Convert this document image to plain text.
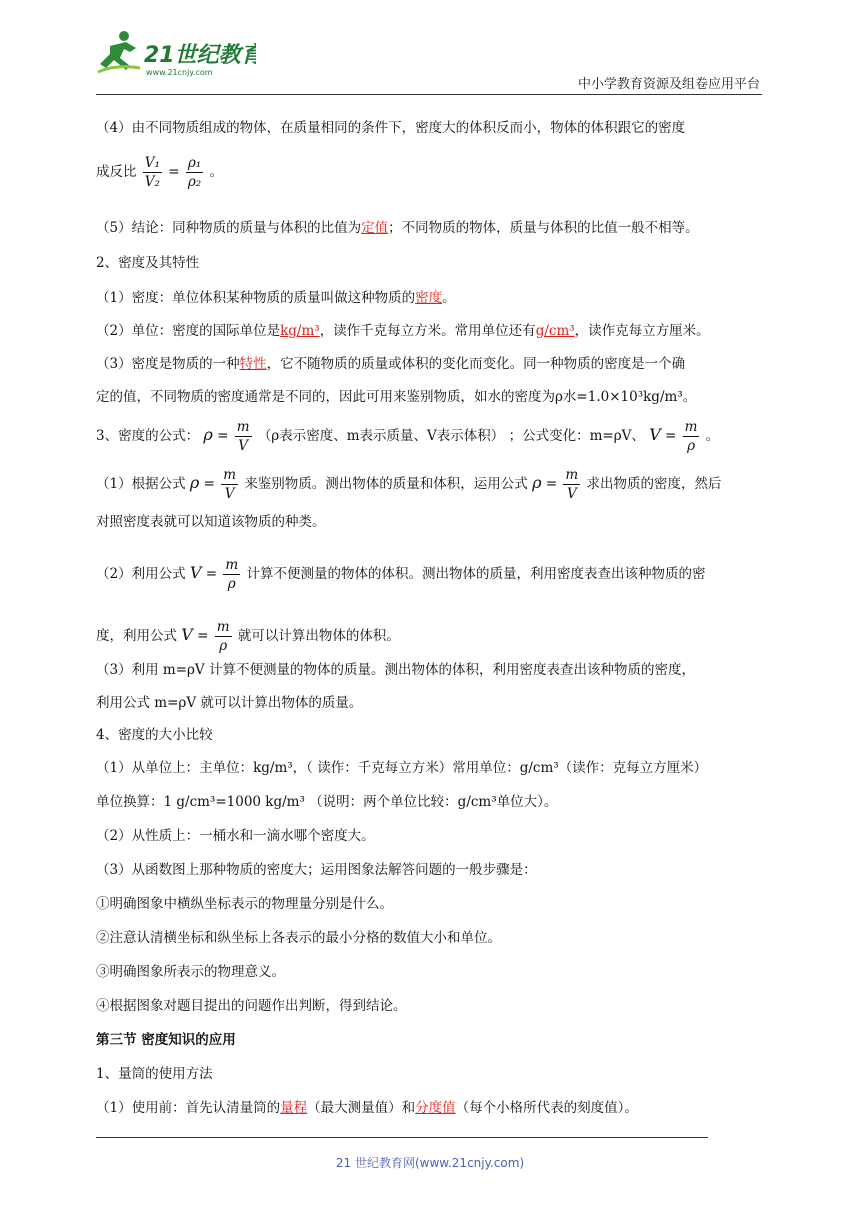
21世纪教育
www.21cnjy.com
中小学教育资源及组卷应用平台
（4）由不同物质组成的物体，在质量相同的条件下，密度大的体积反而小，物体的体积跟它的密度
成反比 $\frac{\text{V₁}}{\text{V₂}} = \frac{\text{ρ₁}}{\text{ρ₂}}$ 。
（5）结论：同种物质的质量与体积的比值为定值；不同物质的物体，质量与体积的比值一般不相等。
2、密度及其特性
（1）密度：单位体积某种物质的质量叫做这种物质的密度。
（2）单位：密度的国际单位是kg/m³，读作千克每立方米。常用单位还有g/cm³，读作克每立方厘米。
（3）密度是物质的一种特性，它不随物质的质量或体积的变化而变化。同一种物质的密度是一个确
定的值，不同物质的密度通常是不同的，因此可用来鉴别物质，如水的密度为ρ水=1.0×10³kg/m³。
3、密度的公式： $\rho = \frac{m}{V} (\rho$表示密度、m表示质量、V表示体积） ；公式变化：m=ρV、 $V = \frac{m}{\rho}$ 。
（1）根据公式 $\rho = \frac{m}{V}$ 来鉴别物质。测出物体的质量和体积，运用公式 $\rho = \frac{m}{V}$ 求出物质的密度，然后
对照密度表就可以知道该物质的种类。
（2）利用公式 $V = \frac{m}{\rho}$ 计算不便测量的物体的体积。测出物体的质量，利用密度表查出该种物质的密
度，利用公式 $V = \frac{m}{\rho}$ 就可以计算出物体的体积。
（3）利用 m=ρV 计算不便测量的物体的质量。测出物体的体积，利用密度表查出该种物质的密度，
利用公式 m=ρV 就可以计算出物体的质量。
4、密度的大小比较
（1）从单位上：主单位：kg/m³，（ 读作：千克每立方米）常用单位：g/cm³（读作：克每立方厘米）
单位换算：1 g/cm³=1000 kg/m³ （说明：两个单位比较：g/cm³单位大）。
（2）从性质上：一桶水和一滴水哪个密度大。
（3）从函数图上那种物质的密度大；运用图象法解答问题的一般步骤是：
①明确图象中横纵坐标表示的物理量分别是什么。
②注意认清横坐标和纵坐标上各表示的最小分格的数值大小和单位。
③明确图象所表示的物理意义。
④根据图象对题目提出的问题作出判断，得到结论。
第三节 密度知识的应用
1、量筒的使用方法
（1）使用前：首先认清量筒的量程（最大测量值）和分度值（每个小格所代表的刻度值）。
21 世纪教育网(www.21cnjy.com)
